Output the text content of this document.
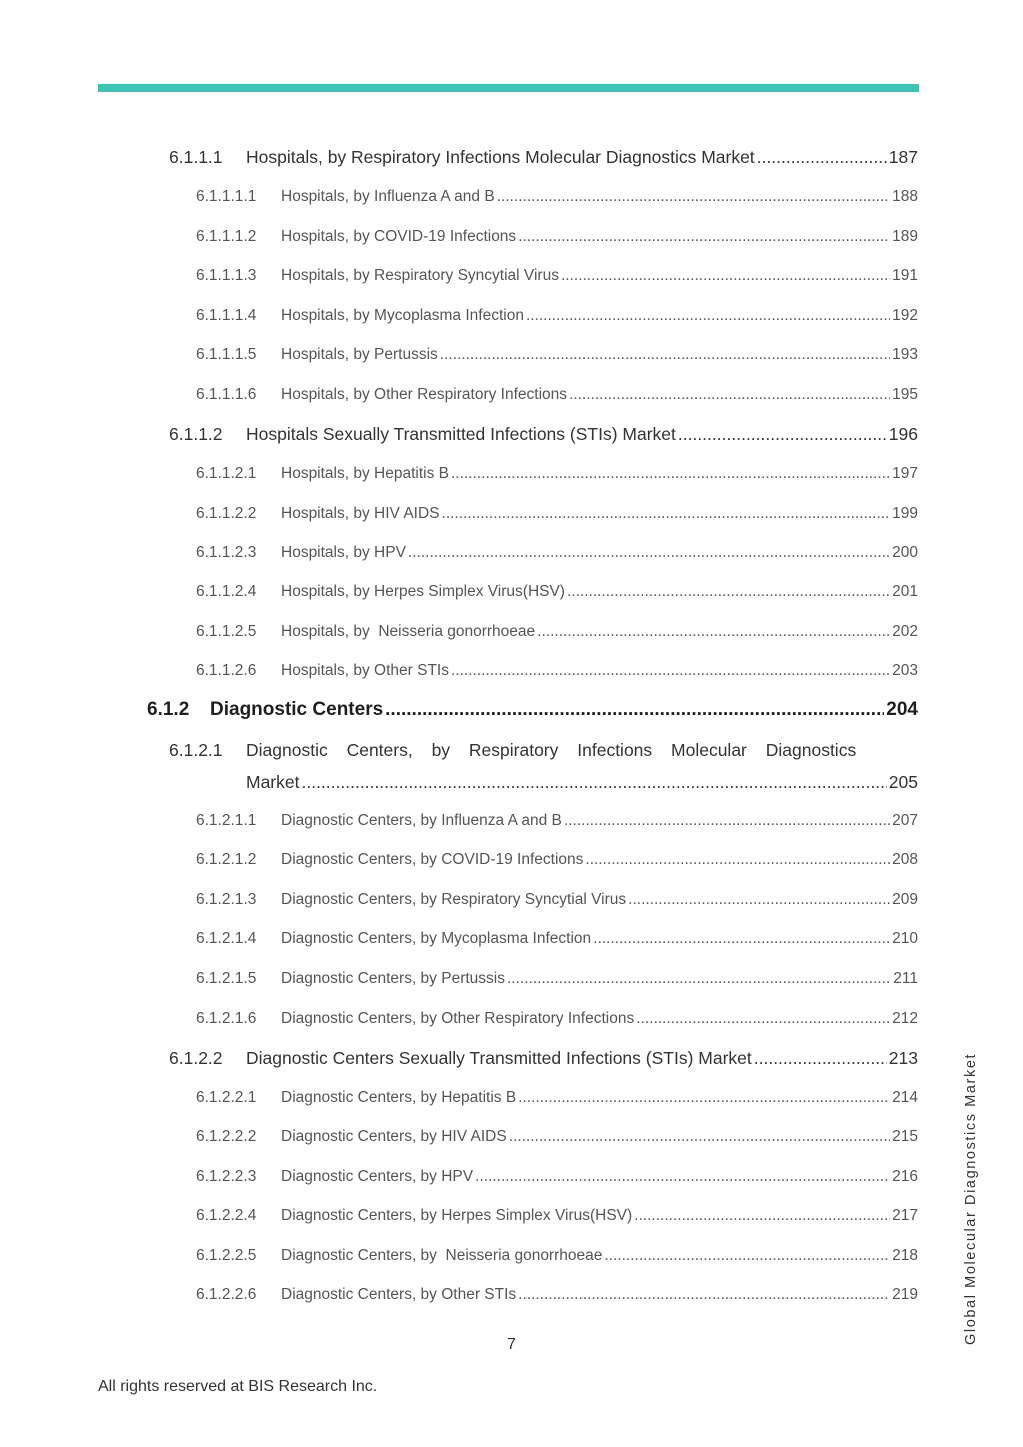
6.1.1.1	Hospitals, by Respiratory Infections Molecular Diagnostics Market .....	187
6.1.1.1.1	Hospitals, by Influenza A and B .....	188
6.1.1.1.2	Hospitals, by COVID-19 Infections .....	189
6.1.1.1.3	Hospitals, by Respiratory Syncytial Virus .....	191
6.1.1.1.4	Hospitals, by Mycoplasma Infection .....	192
6.1.1.1.5	Hospitals, by Pertussis .....	193
6.1.1.1.6	Hospitals, by Other Respiratory Infections .....	195
6.1.1.2	Hospitals Sexually Transmitted Infections (STIs) Market .....	196
6.1.1.2.1	Hospitals, by Hepatitis B .....	197
6.1.1.2.2	Hospitals, by HIV AIDS .....	199
6.1.1.2.3	Hospitals, by HPV .....	200
6.1.1.2.4	Hospitals, by Herpes Simplex Virus(HSV) .....	201
6.1.1.2.5	Hospitals, by  Neisseria gonorrhoeae .....	202
6.1.1.2.6	Hospitals, by Other STIs .....	203
6.1.2	Diagnostic Centers .....	204
6.1.2.1	Diagnostic Centers, by Respiratory Infections Molecular Diagnostics
Market .....	205
6.1.2.1.1	Diagnostic Centers, by Influenza A and B .....	207
6.1.2.1.2	Diagnostic Centers, by COVID-19 Infections .....	208
6.1.2.1.3	Diagnostic Centers, by Respiratory Syncytial Virus .....	209
6.1.2.1.4	Diagnostic Centers, by Mycoplasma Infection .....	210
6.1.2.1.5	Diagnostic Centers, by Pertussis .....	211
6.1.2.1.6	Diagnostic Centers, by Other Respiratory Infections .....	212
6.1.2.2	Diagnostic Centers Sexually Transmitted Infections (STIs) Market .....	213
6.1.2.2.1	Diagnostic Centers, by Hepatitis B .....	214
6.1.2.2.2	Diagnostic Centers, by HIV AIDS .....	215
6.1.2.2.3	Diagnostic Centers, by HPV .....	216
6.1.2.2.4	Diagnostic Centers, by Herpes Simplex Virus(HSV) .....	217
6.1.2.2.5	Diagnostic Centers, by  Neisseria gonorrhoeae .....	218
6.1.2.2.6	Diagnostic Centers, by Other STIs .....	219	Global Molecular Diagnostics Market
7
All rights reserved at BIS Research Inc.
